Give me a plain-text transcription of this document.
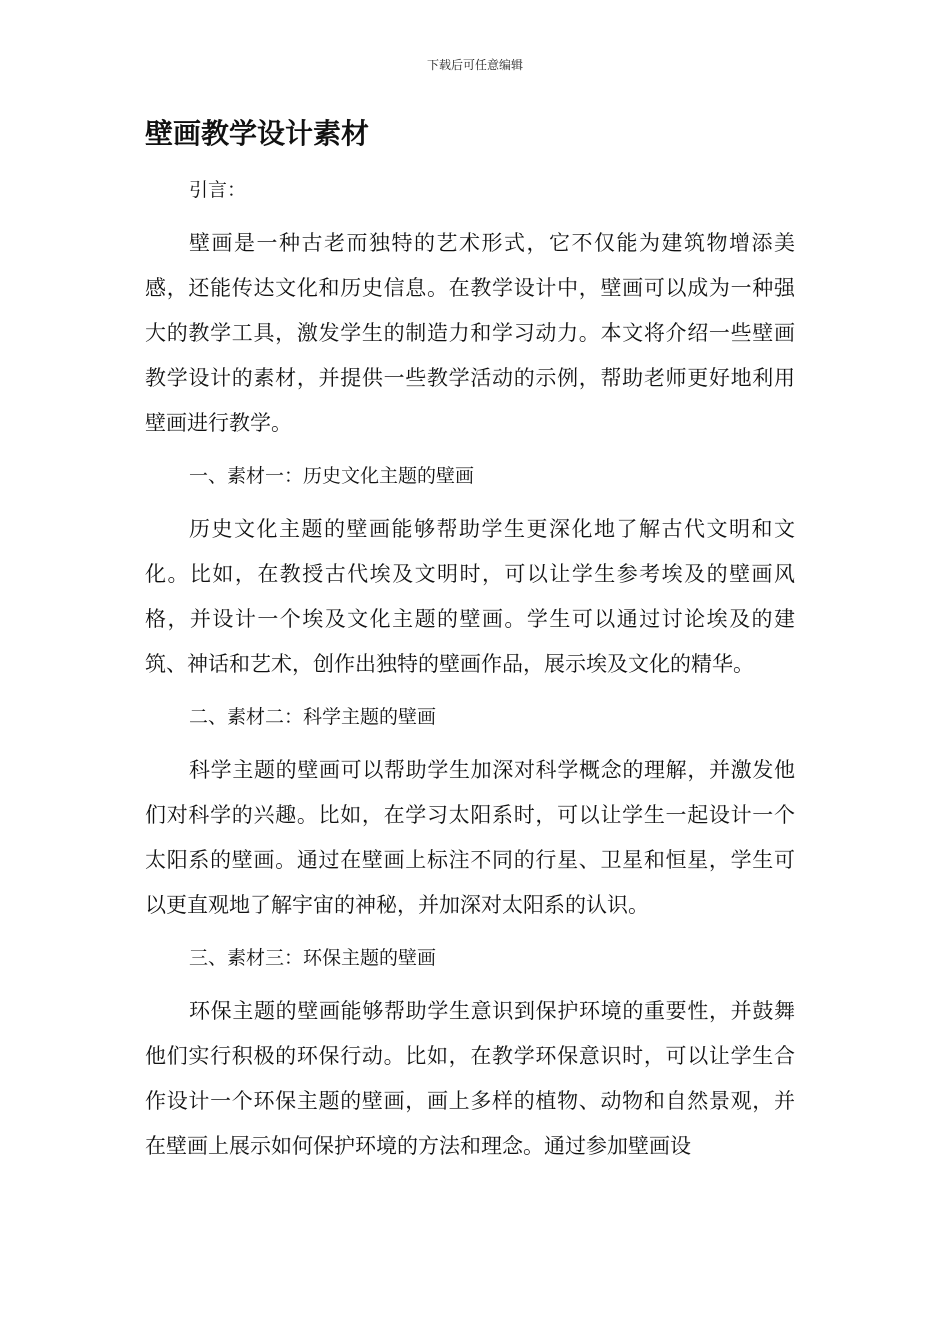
下载后可任意编辑
壁画教学设计素材

引言：

壁画是一种古老而独特的艺术形式，它不仅能为建筑物增添美感，还能传达文化和历史信息。在教学设计中，壁画可以成为一种强大的教学工具，激发学生的制造力和学习动力。本文将介绍一些壁画教学设计的素材，并提供一些教学活动的示例，帮助老师更好地利用壁画进行教学。

一、素材一：历史文化主题的壁画

历史文化主题的壁画能够帮助学生更深化地了解古代文明和文化。比如，在教授古代埃及文明时，可以让学生参考埃及的壁画风格，并设计一个埃及文化主题的壁画。学生可以通过讨论埃及的建筑、神话和艺术，创作出独特的壁画作品，展示埃及文化的精华。

二、素材二：科学主题的壁画

科学主题的壁画可以帮助学生加深对科学概念的理解，并激发他们对科学的兴趣。比如，在学习太阳系时，可以让学生一起设计一个太阳系的壁画。通过在壁画上标注不同的行星、卫星和恒星，学生可以更直观地了解宇宙的神秘，并加深对太阳系的认识。

三、素材三：环保主题的壁画

环保主题的壁画能够帮助学生意识到保护环境的重要性，并鼓舞他们实行积极的环保行动。比如，在教学环保意识时，可以让学生合作设计一个环保主题的壁画，画上多样的植物、动物和自然景观，并在壁画上展示如何保护环境的方法和理念。通过参加壁画设
